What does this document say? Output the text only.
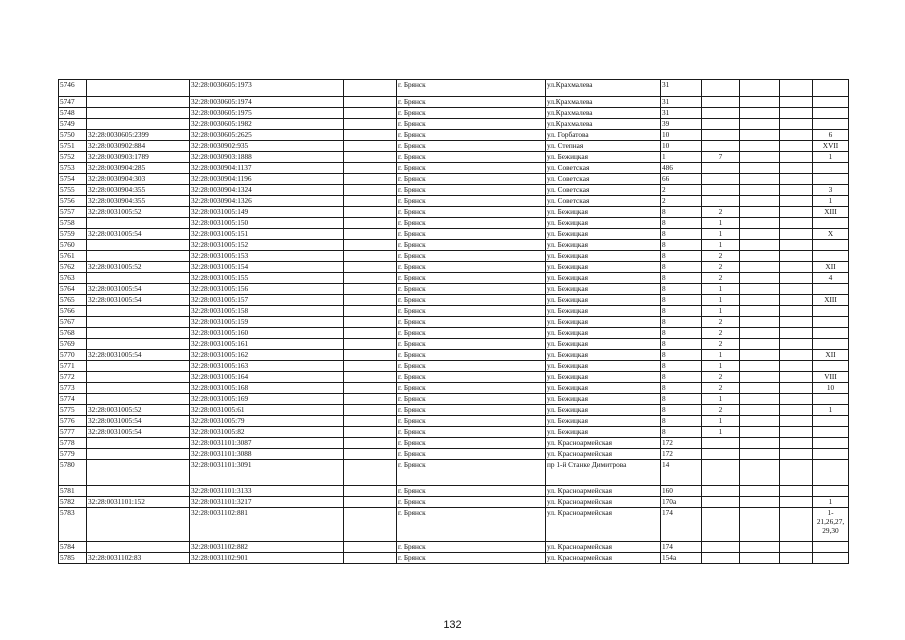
5746		32:28:0030605:1973		г. Брянск	ул.Крахмалева	31				
5747		32:28:0030605:1974		г. Брянск	ул.Крахмалева	31				
5748		32:28:0030605:1975		г. Брянск	ул.Крахмалева	31				
5749		32:28:0030605:1982		г. Брянск	ул.Крахмалева	39				
5750	32:28:0030605:2399	32:28:0030605:2625		г. Брянск	ул. Горбатова	10				6
5751	32:28:0030902:884	32:28:0030902:935		г. Брянск	ул. Степная	10				XVII
5752	32:28:0030903:1789	32:28:0030903:1888		г. Брянск	ул. Бежицкая	1	7			1
5753	32:28:0030904:285	32:28:0030904:1137		г. Брянск	ул. Советская	486				
5754	32:28:0030904:303	32:28:0030904:1196		г. Брянск	ул. Советская	66				
5755	32:28:0030904:355	32:28:0030904:1324		г. Брянск	ул. Советская	2				3
5756	32:28:0030904:355	32:28:0030904:1326		г. Брянск	ул. Советская	2				1
5757	32:28:0031005:52	32:28:0031005:149		г. Брянск	ул. Бежицкая	8	2			XIII
5758		32:28:0031005:150		г. Брянск	ул. Бежицкая	8	1			
5759	32:28:0031005:54	32:28:0031005:151		г. Брянск	ул. Бежицкая	8	1			X
5760		32:28:0031005:152		г. Брянск	ул. Бежицкая	8	1			
5761		32:28:0031005:153		г. Брянск	ул. Бежицкая	8	2			
5762	32:28:0031005:52	32:28:0031005:154		г. Брянск	ул. Бежицкая	8	2			XII
5763		32:28:0031005:155		г. Брянск	ул. Бежицкая	8	2			4
5764	32:28:0031005:54	32:28:0031005:156		г. Брянск	ул. Бежицкая	8	1			
5765	32:28:0031005:54	32:28:0031005:157		г. Брянск	ул. Бежицкая	8	1			XIII
5766		32:28:0031005:158		г. Брянск	ул. Бежицкая	8	1			
5767		32:28:0031005:159		г. Брянск	ул. Бежицкая	8	2			
5768		32:28:0031005:160		г. Брянск	ул. Бежицкая	8	2			
5769		32:28:0031005:161		г. Брянск	ул. Бежицкая	8	2			
5770	32:28:0031005:54	32:28:0031005:162		г. Брянск	ул. Бежицкая	8	1			XII
5771		32:28:0031005:163		г. Брянск	ул. Бежицкая	8	1			
5772		32:28:0031005:164		г. Брянск	ул. Бежицкая	8	2			VIII
5773		32:28:0031005:168		г. Брянск	ул. Бежицкая	8	2			10
5774		32:28:0031005:169		г. Брянск	ул. Бежицкая	8	1			
5775	32:28:0031005:52	32:28:0031005:61		г. Брянск	ул. Бежицкая	8	2			1
5776	32:28:0031005:54	32:28:0031005:79		г. Брянск	ул. Бежицкая	8	1			
5777	32:28:0031005:54	32:28:0031005:82		г. Брянск	ул. Бежицкая	8	1			
5778		32:28:0031101:3087		г. Брянск	ул. Красноармейская	172				
5779		32:28:0031101:3088		г. Брянск	ул. Красноармейская	172				
5780		32:28:0031101:3091		г. Брянск	пр 1-й Станке Димитрова	14				
5781		32:28:0031101:3133		г. Брянск	ул. Красноармейская	160				
5782	32:28:0031101:152	32:28:0031101:3217		г. Брянск	ул. Красноармейская	170а				1
5783		32:28:0031102:881		г. Брянск	ул. Красноармейская	174				1-21,26,27, 29,30
5784		32:28:0031102:882		г. Брянск	ул. Красноармейская	174				
5785	32:28:0031102:83	32:28:0031102:901		г. Брянск	ул. Красноармейская	154а				
132
